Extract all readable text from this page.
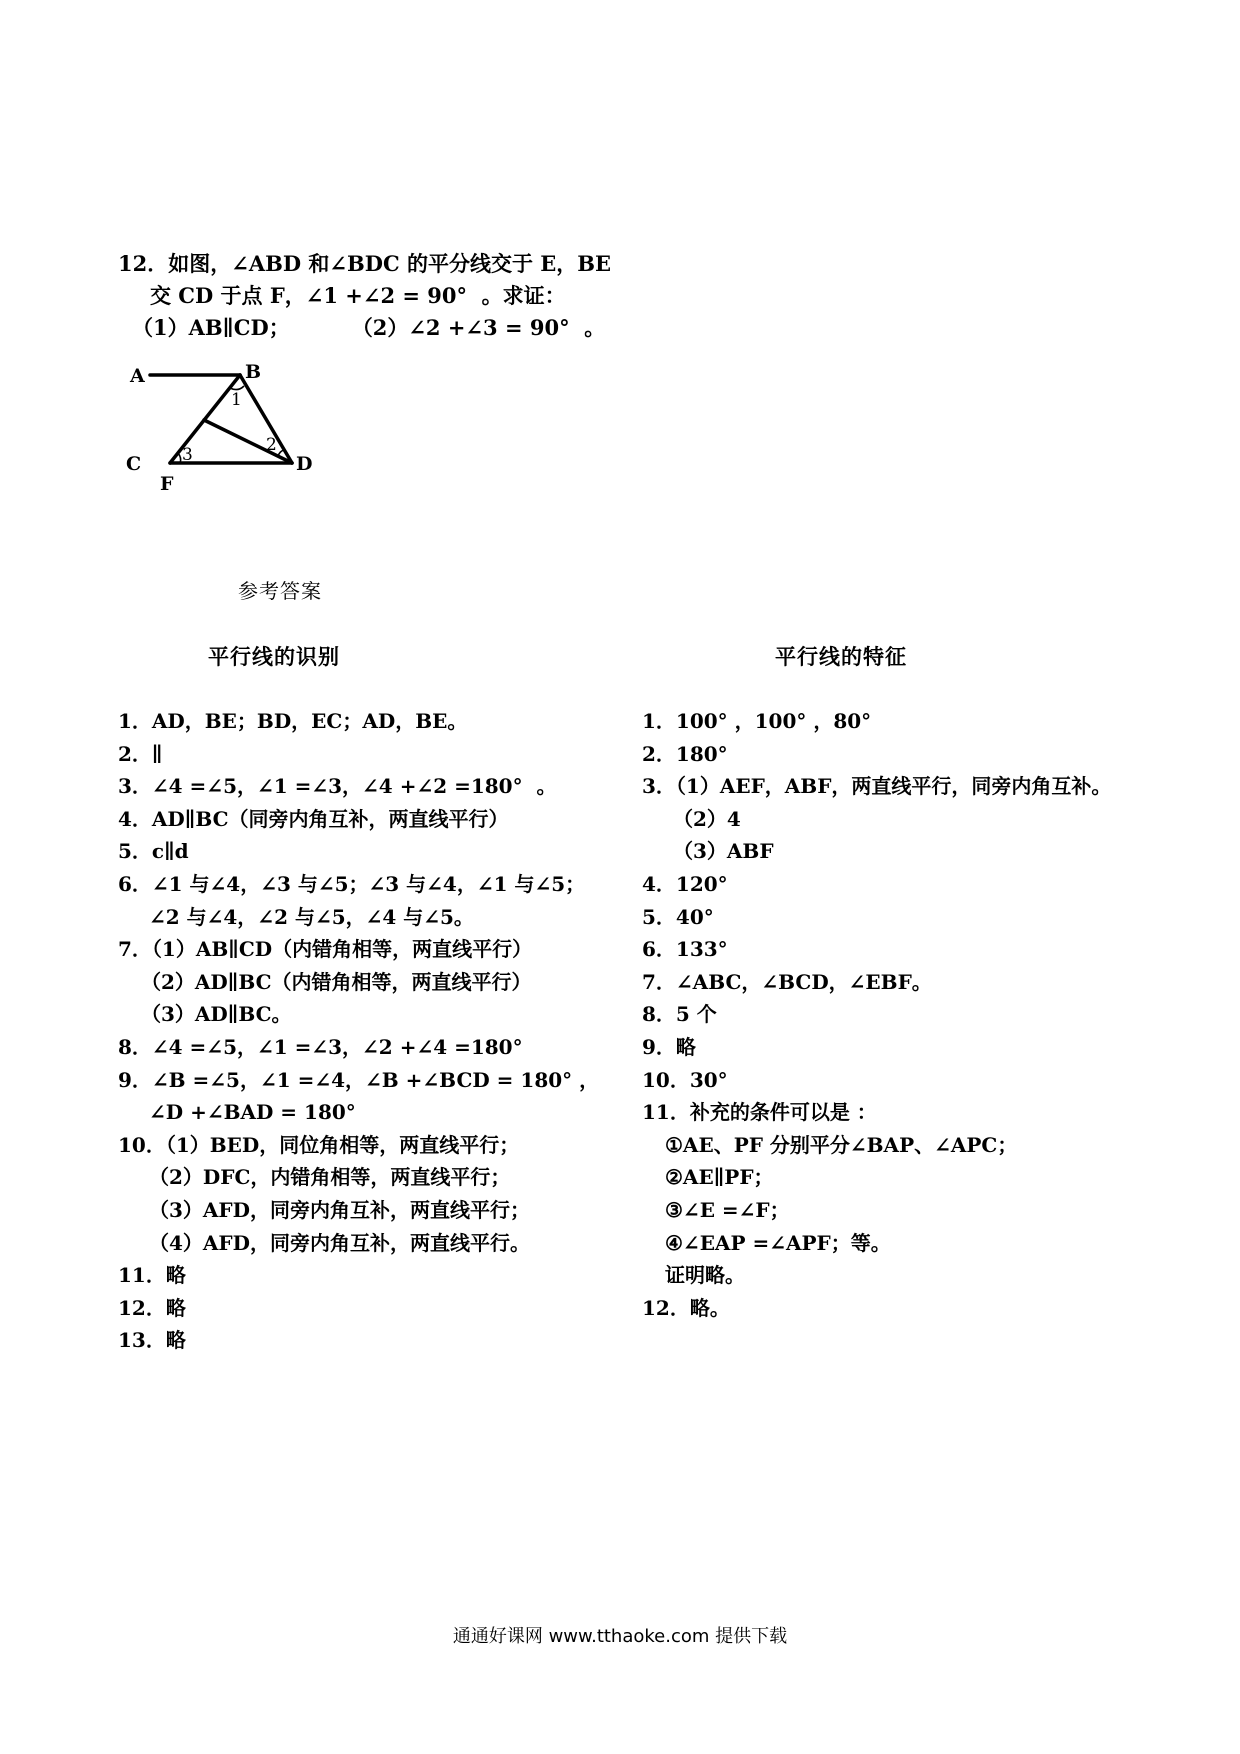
12．如图，∠ABD 和∠BDC 的平分线交于 E，BE
交 CD 于点 F，∠1 +∠2 = 90°  。求证：
（1）AB∥CD；	（2）∠2 +∠3 = 90°  。
A	B
C	D
F
1
2
3
参考答案
平行线的识别	平行线的特征
1．AD，BE；BD，EC；AD，BE。
2．∥
3．∠4 =∠5，∠1 =∠3，∠4 +∠2 =180°  。
4．AD∥BC（同旁内角互补，两直线平行）
5．c∥d
6．∠1 与∠4，∠3 与∠5；∠3 与∠4，∠1 与∠5；
∠2 与∠4，∠2 与∠5，∠4 与∠5。
7．（1）AB∥CD（内错角相等，两直线平行）
（2）AD∥BC（内错角相等，两直线平行）
（3）AD∥BC。
8．∠4 =∠5，∠1 =∠3，∠2 +∠4 =180°
9．∠B =∠5，∠1 =∠4，∠B +∠BCD = 180° ，
∠D +∠BAD = 180°
10．（1）BED，同位角相等，两直线平行；
（2）DFC，内错角相等，两直线平行；
（3）AFD，同旁内角互补，两直线平行；
（4）AFD，同旁内角互补，两直线平行。
11．略
12．略
13．略
1．100° ，100° ，80°
2．180°
3．（1）AEF，ABF，两直线平行，同旁内角互补。
（2）4
（3）ABF
4．120°
5．40°
6．133°
7．∠ABC，∠BCD，∠EBF。
8．5 个
9．略
10．30°
11．补充的条件可以是 ：
①AE、PF 分别平分∠BAP、∠APC；
②AE∥PF；
③∠E =∠F；
④∠EAP =∠APF；等。
证明略。
12．略。
通通好课网 www.tthaoke.com 提供下载
